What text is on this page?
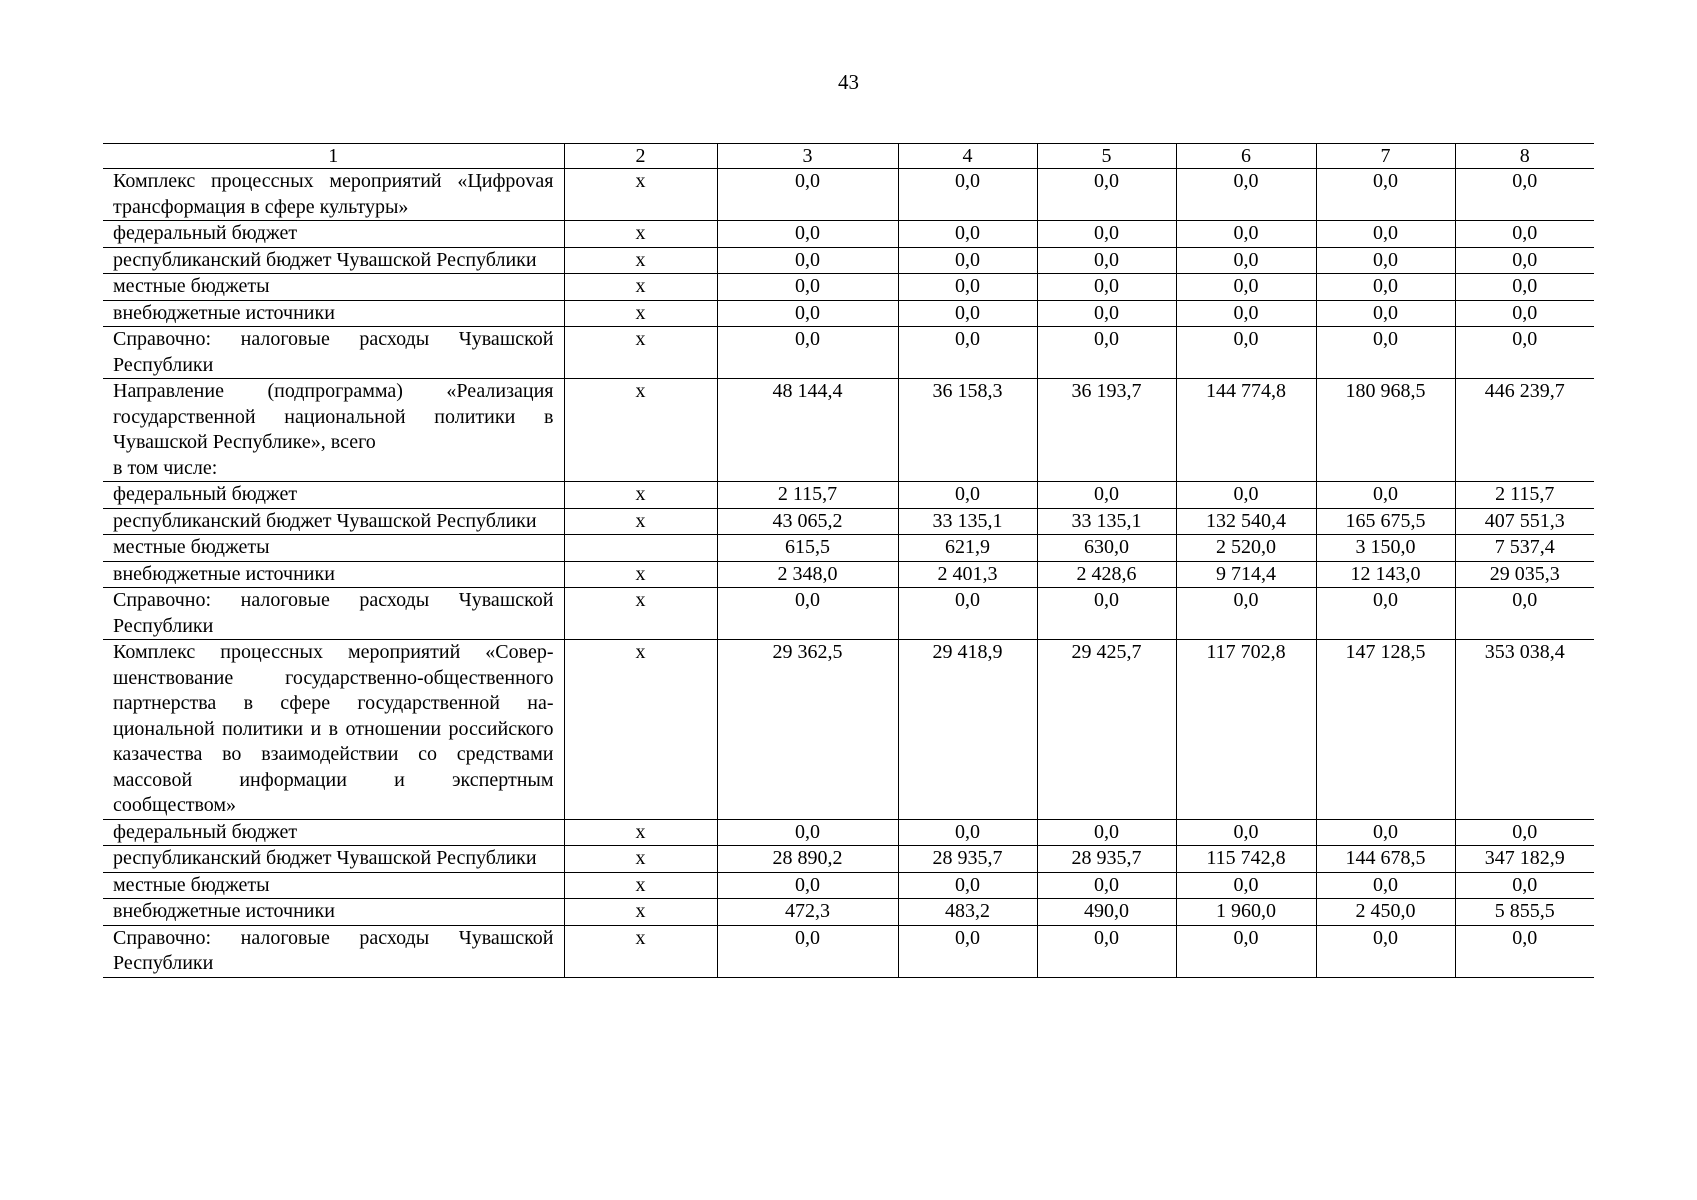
43
1	2	3	4	5	6	7	8
Комплекс процессных мероприятий «Цифроvая трансформация в сфере культуры»	х	0,0	0,0	0,0	0,0	0,0	0,0
федеральный бюджет	х	0,0	0,0	0,0	0,0	0,0	0,0
республиканский бюджет Чувашской Республики	х	0,0	0,0	0,0	0,0	0,0	0,0
местные бюджеты	х	0,0	0,0	0,0	0,0	0,0	0,0
внебюджетные источники	х	0,0	0,0	0,0	0,0	0,0	0,0
Справочно: налоговые расходы Чувашской Республики	х	0,0	0,0	0,0	0,0	0,0	0,0
Направление (подпрограмма) «Реализация государственной национальной политики в Чувашской Республике», всего
в том числе:	х	48 144,4	36 158,3	36 193,7	144 774,8	180 968,5	446 239,7
федеральный бюджет	х	2 115,7	0,0	0,0	0,0	0,0	2 115,7
республиканский бюджет Чувашской Республики	х	43 065,2	33 135,1	33 135,1	132 540,4	165 675,5	407 551,3
местные бюджеты		615,5	621,9	630,0	2 520,0	3 150,0	7 537,4
внебюджетные источники	х	2 348,0	2 401,3	2 428,6	9 714,4	12 143,0	29 035,3
Справочно: налоговые расходы Чувашской Республики	х	0,0	0,0	0,0	0,0	0,0	0,0
Комплекс процессных мероприятий «Совершенствование государственно-общественного партнерства в сфере государственной национальной политики и в отношении российского казачества во взаимодействии со средствами массовой информации и экспертным сообществом»	х	29 362,5	29 418,9	29 425,7	117 702,8	147 128,5	353 038,4
федеральный бюджет	х	0,0	0,0	0,0	0,0	0,0	0,0
республиканский бюджет Чувашской Республики	х	28 890,2	28 935,7	28 935,7	115 742,8	144 678,5	347 182,9
местные бюджеты	х	0,0	0,0	0,0	0,0	0,0	0,0
внебюджетные источники	х	472,3	483,2	490,0	1 960,0	2 450,0	5 855,5
Справочно: налоговые расходы Чувашской Республики	х	0,0	0,0	0,0	0,0	0,0	0,0
